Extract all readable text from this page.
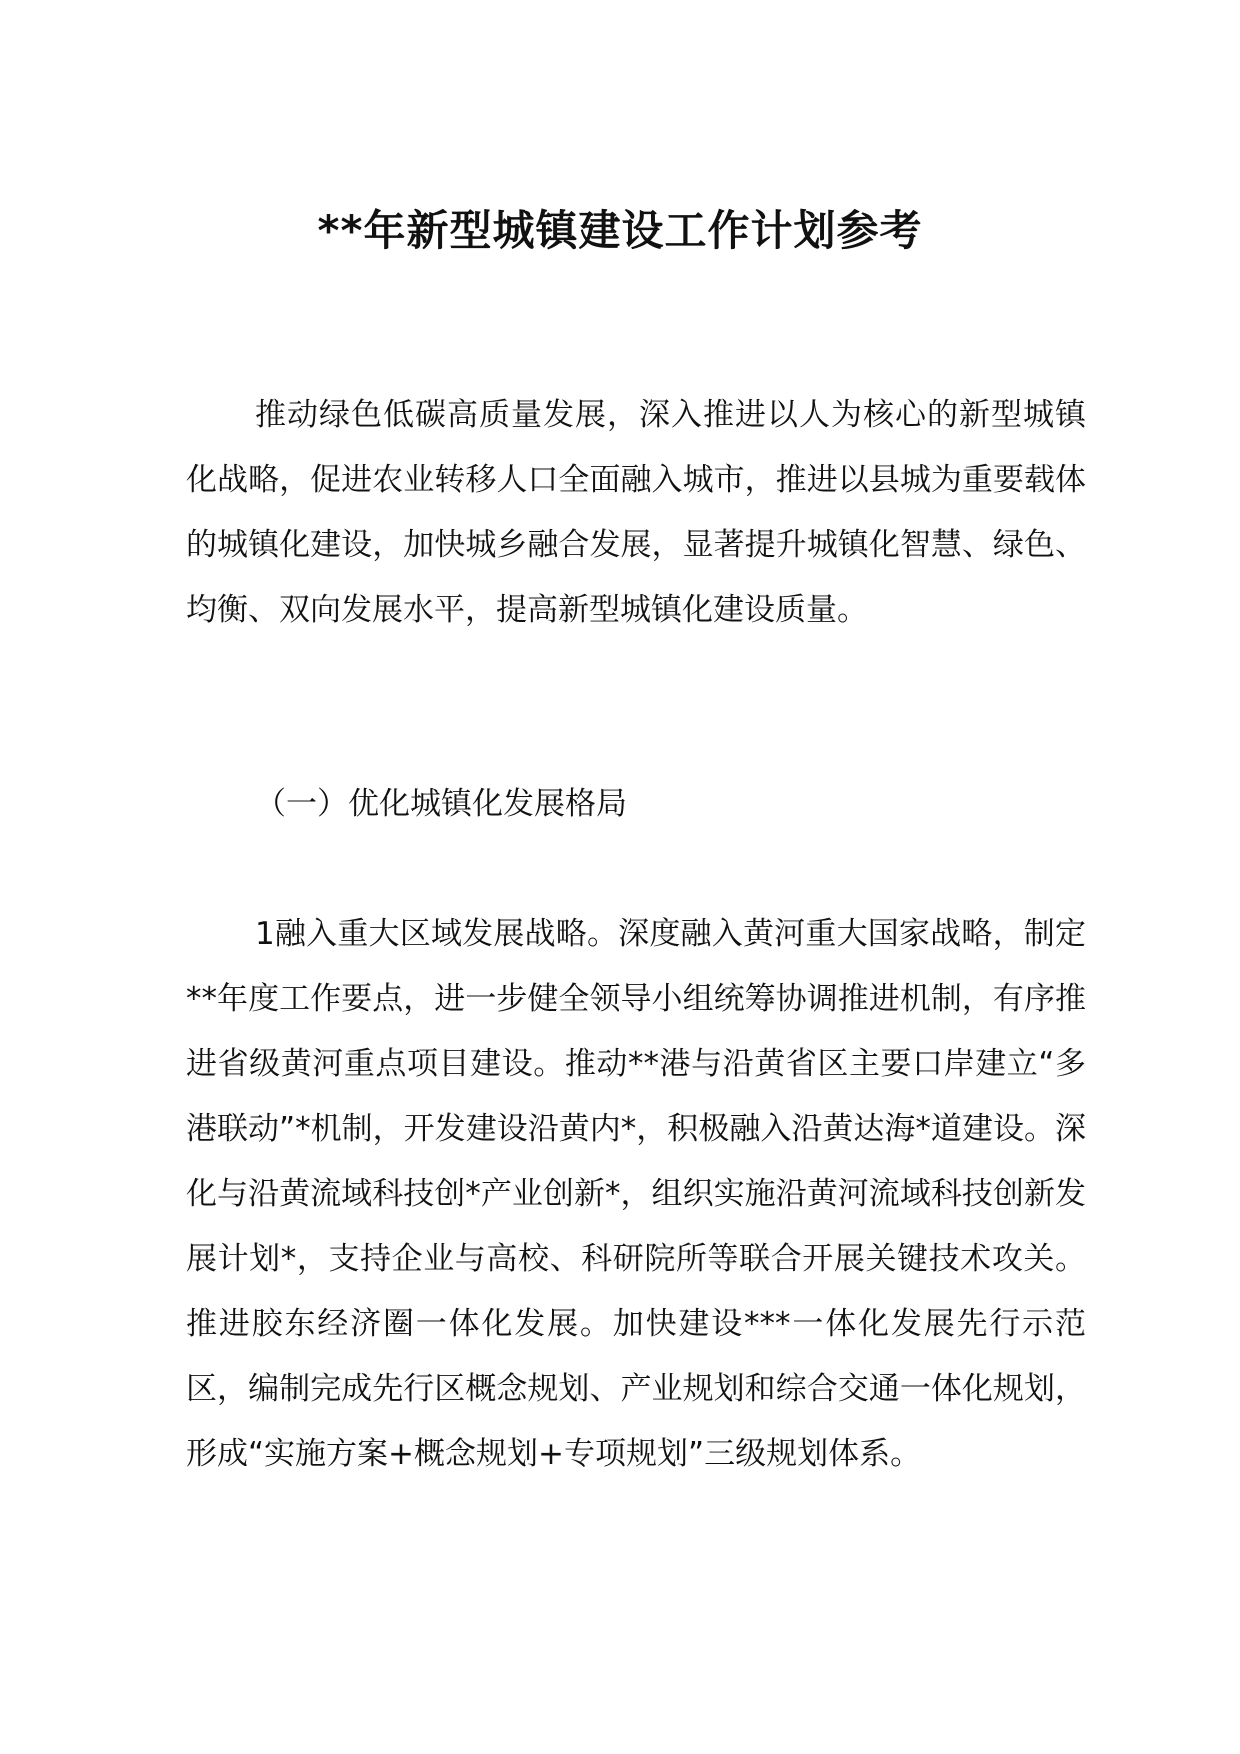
**年新型城镇建设工作计划参考

推动绿色低碳高质量发展，深入推进以人为核心的新型城镇化战略，促进农业转移人口全面融入城市，推进以县城为重要载体的城镇化建设，加快城乡融合发展，显著提升城镇化智慧、绿色、均衡、双向发展水平，提高新型城镇化建设质量。

（一）优化城镇化发展格局

1融入重大区域发展战略。深度融入黄河重大国家战略，制定**年度工作要点，进一步健全领导小组统筹协调推进机制，有序推进省级黄河重点项目建设。推动**港与沿黄省区主要口岸建立“多港联动”*机制，开发建设沿黄内*，积极融入沿黄达海*道建设。深化与沿黄流域科技创*产业创新*，组织实施沿黄河流域科技创新发展计划*，支持企业与高校、科研院所等联合开展关键技术攻关。推进胶东经济圈一体化发展。加快建设***一体化发展先行示范区，编制完成先行区概念规划、产业规划和综合交通一体化规划，形成“实施方案+概念规划+专项规划”三级规划体系。
